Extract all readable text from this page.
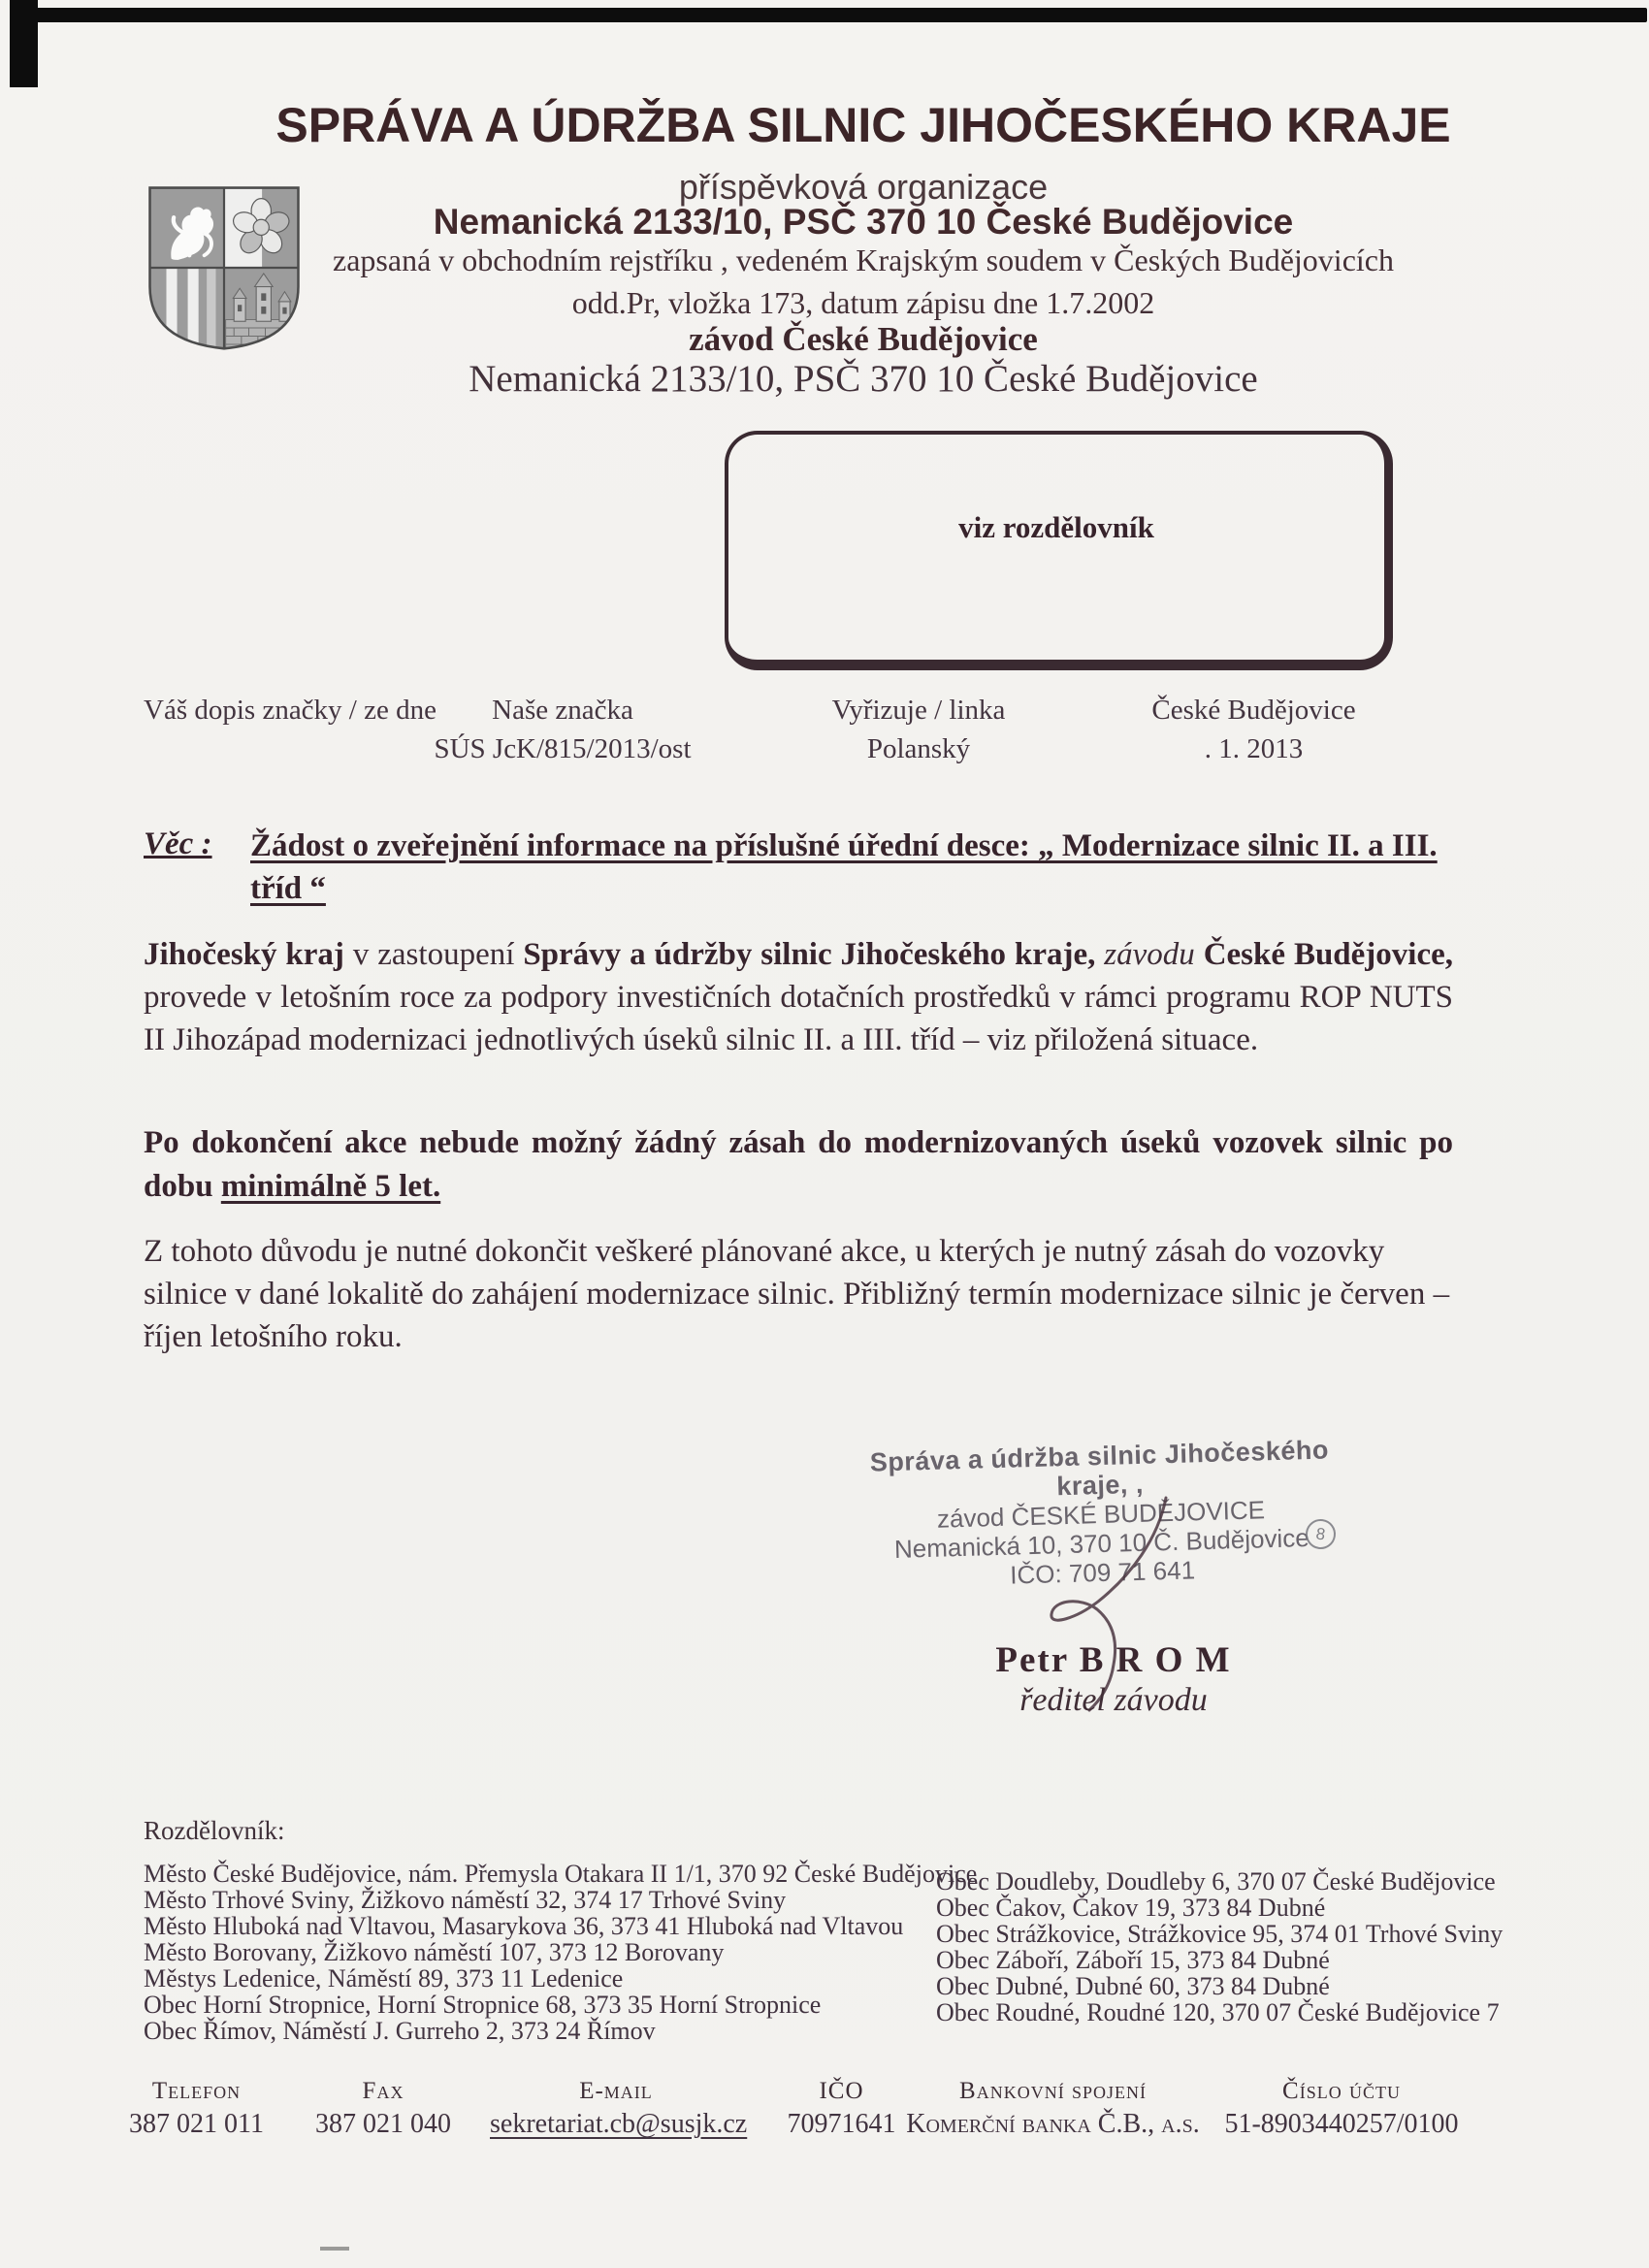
SPRÁVA A ÚDRŽBA SILNIC JIHOČESKÉHO KRAJE
příspěvková organizace
Nemanická 2133/10, PSČ 370 10 České Budějovice
zapsaná v obchodním rejstříku , vedeném Krajským soudem v Českých Budějovicích
odd.Pr, vložka 173, datum zápisu dne 1.7.2002
závod České Budějovice
Nemanická 2133/10, PSČ 370 10 České Budějovice
viz rozdělovník
Váš dopis značky / ze dne	Naše značka
SÚS JcK/815/2013/ost
Vyřizuje / linka
Polanský
České Budějovice
. 1. 2013
Věc : Žádost o zveřejnění informace na příslušné úřední desce: „ Modernizace silnic II. a III.
tříd “
Jihočeský kraj v zastoupení Správy a údržby silnic Jihočeského kraje, závodu České Budějovice, provede v letošním roce za podpory investičních dotačních prostředků v rámci programu ROP NUTS II Jihozápad modernizaci jednotlivých úseků silnic II. a III. tříd – viz přiložená situace.
Po dokončení akce nebude možný žádný zásah do modernizovaných úseků vozovek silnic po dobu minimálně 5 let.
Z tohoto důvodu je nutné dokončit veškeré plánované akce, u kterých je nutný zásah do vozovky silnice v dané lokalitě do zahájení modernizace silnic. Přibližný termín modernizace silnic je červen – říjen letošního roku.
Správa a údržba silnic Jihočeského kraje, ,
závod ČESKÉ BUDĚJOVICE
Nemanická 10, 370 10 Č. Budějovice
IČO: 709 71 641
8
Petr B R O M
ředitel závodu
Rozdělovník:
Město České Budějovice, nám. Přemysla Otakara II 1/1, 370 92 České Budějovice
Město Trhové Sviny, Žižkovo náměstí 32, 374 17 Trhové Sviny
Město Hluboká nad Vltavou, Masarykova 36, 373 41 Hluboká nad Vltavou
Město Borovany, Žižkovo náměstí 107, 373 12 Borovany
Městys Ledenice, Náměstí 89, 373 11 Ledenice
Obec Horní Stropnice, Horní Stropnice 68, 373 35 Horní Stropnice
Obec Římov, Náměstí J. Gurreho 2, 373 24 Římov
Obec Doudleby, Doudleby 6, 370 07 České Budějovice
Obec Čakov, Čakov 19, 373 84 Dubné
Obec Strážkovice, Strážkovice 95, 374 01 Trhové Sviny
Obec Záboří, Záboří 15, 373 84 Dubné
Obec Dubné, Dubné 60, 373 84 Dubné
Obec Roudné, Roudné 120, 370 07 České Budějovice 7
Telefon
387 021 011
Fax
387 021 040
E-mail
sekretariat.cb@susjk.cz
IČO
70971641
Bankovní spojení
Komerční banka Č.B., a.s.
Číslo účtu
51-8903440257/0100
